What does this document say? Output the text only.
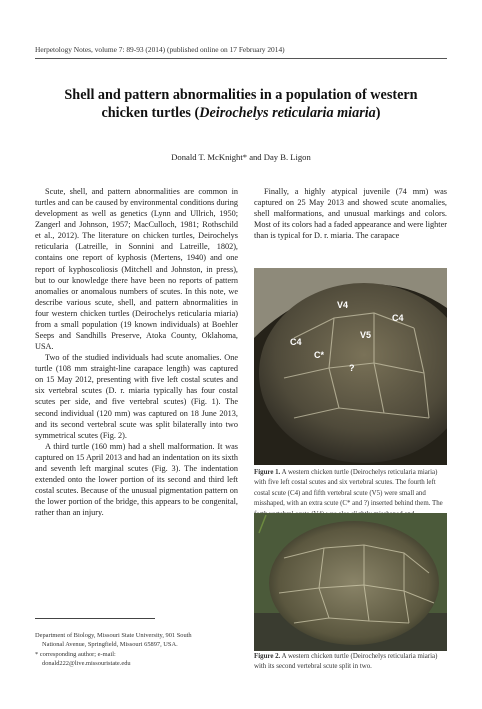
Herpetology Notes, volume 7: 89-93 (2014) (published online on 17 February 2014)
Shell and pattern abnormalities in a population of western
chicken turtles (Deirochelys reticularia miaria)
Donald T. McKnight* and Day B. Ligon

Scute, shell, and pattern abnormalities are common in turtles and can be caused by environmental conditions during development as well as genetics (Lynn and Ullrich, 1950; Zangerl and Johnson, 1957; MacCulloch, 1981; Rothschild et al., 2012). The literature on chicken turtles, Deirochelys reticularia (Latreille, in Sonnini and Latreille, 1802), contains one report of kyphosis (Mertens, 1940) and one report of kyphoscoliosis (Mitchell and Johnston, in press), but to our knowledge there have been no reports of pattern anomalies or anomalous numbers of scutes. In this note, we describe various scute, shell, and pattern abnormalities in four western chicken turtles (Deirochelys reticularia miaria) from a small population (19 known individuals) at Boehler Seeps and Sandhills Preserve, Atoka County, Oklahoma, USA.

Two of the studied individuals had scute anomalies. One turtle (108 mm straight-line carapace length) was captured on 15 May 2012, presenting with five left costal scutes and six vertebral scutes (D. r. miaria typically has four costal scutes per side, and five vertebral scutes) (Fig. 1). The second individual (120 mm) was captured on 18 June 2013, and its second vertebral scute was split bilaterally into two symmetrical scutes (Fig. 2).

A third turtle (160 mm) had a shell malformation. It was captured on 15 April 2013 and had an indentation on its sixth and seventh left marginal scutes (Fig. 3). The indentation extended onto the lower portion of its second and third left costal scutes. Because of the unusual pigmentation pattern on the lower portion of the bridge, this appears to be congenital, rather than an injury.

Finally, a highly atypical juvenile (74 mm) was captured on 25 May 2013 and showed scute anomalies, shell malformations, and unusual markings and colors. Most of its colors had a faded appearance and were lighter than is typical for D. r. miaria. The carapace

Department of Biology, Missouri State University, 901 South
National Avenue, Springfield, Missouri 65897, USA.
* corresponding author; e-mail:
donald222@live.missouristate.edu
V4
C4
V5
C4
C*
?
Figure 1. A western chicken turtle (Deirochelys reticularia miaria) with five left costal scutes and six vertebral scutes. The fourth left costal scute (C4) and fifth vertebral scute (V5) were small and misshaped, with an extra scute (C* and ?) inserted behind them. The
Figure 2. A western chicken turtle (Deirochelys reticularia miaria) with its second vertebral scute split in two.
